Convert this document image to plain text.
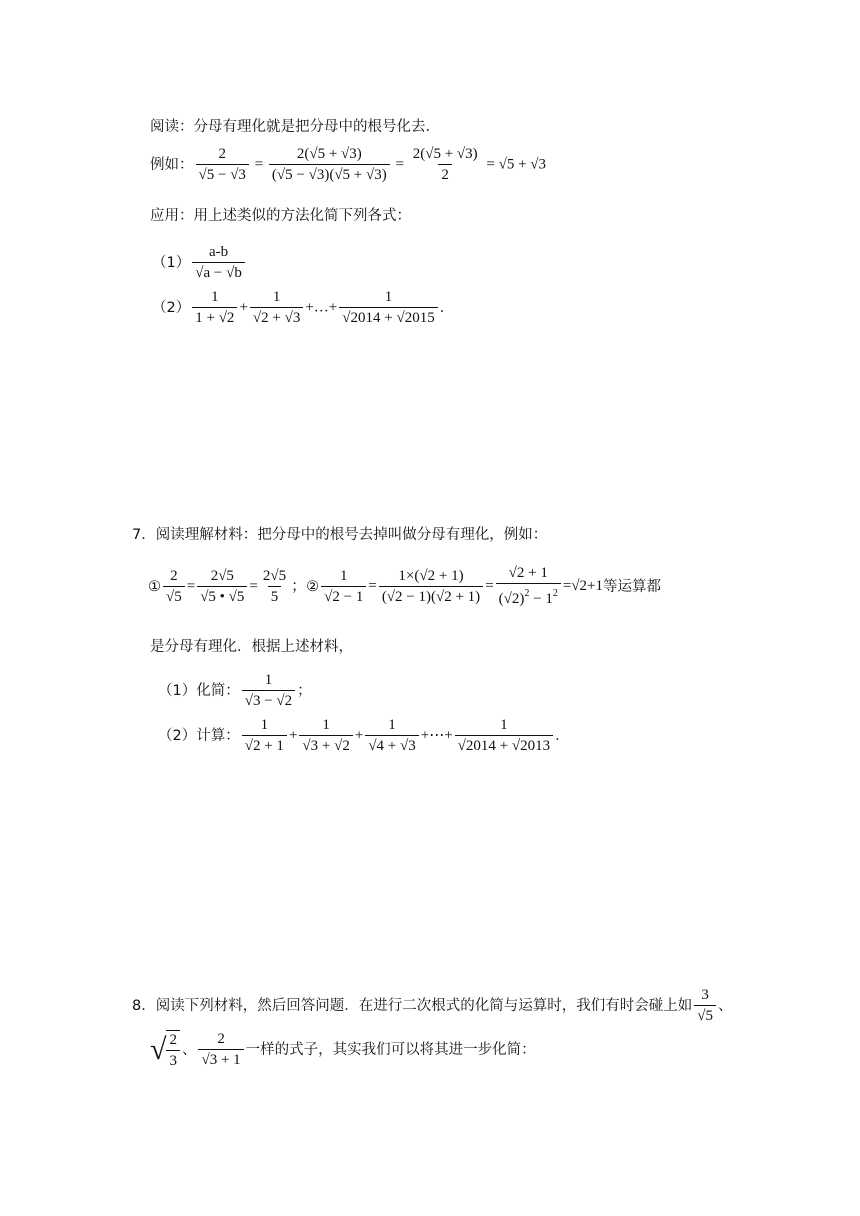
阅读：分母有理化就是把分母中的根号化去．
例如： $\frac{2}{√5 - √3} = \frac{2(√5 + √3)}{(√5 - √3)(√5 + √3)} = \frac{2(√5 + √3)}{2} = √5 + √3$
应用：用上述类似的方法化简下列各式：
$(1) \frac{a-b}{√a - √b}$
$(2) \frac{1}{1 + √2} + \frac{1}{√2 + √3}$ +…+ $\frac{1}{√2014 + √2015}$ ．
7．阅读理解材料：把分母中的根号去掉叫做分母有理化，例如：
① $\frac{2}{√5} = \frac{2√5}{√5 • √5} = \frac{2√5}{5}$ ； ② $\frac{1}{√2 - 1} = \frac{1\times(√2 + 1)}{(√2 - 1)(√2 + 1)} = \frac{√2 + 1}{(√2)^2 - 1^2} =√2+1$ 等运算都
是分母有理化．根据上述材料，
（1）化简： $\frac{1}{√3 - √2}$ ；
（2）计算： $\frac{1}{√2 + 1} + \frac{1}{√3 + √2} + \frac{1}{√4 + √3}$ +⋯+ $\frac{1}{√2014 + √2013}$ ．
8．阅读下列材料，然后回答问题．在进行二次根式的化简与运算时，我们有时会碰上如 $\frac{3}{√5}$ 、
√ $\frac{2}{3}$ 、 $\frac{2}{√3 + 1}$ 一样的式子，其实我们可以将其进一步化简：
